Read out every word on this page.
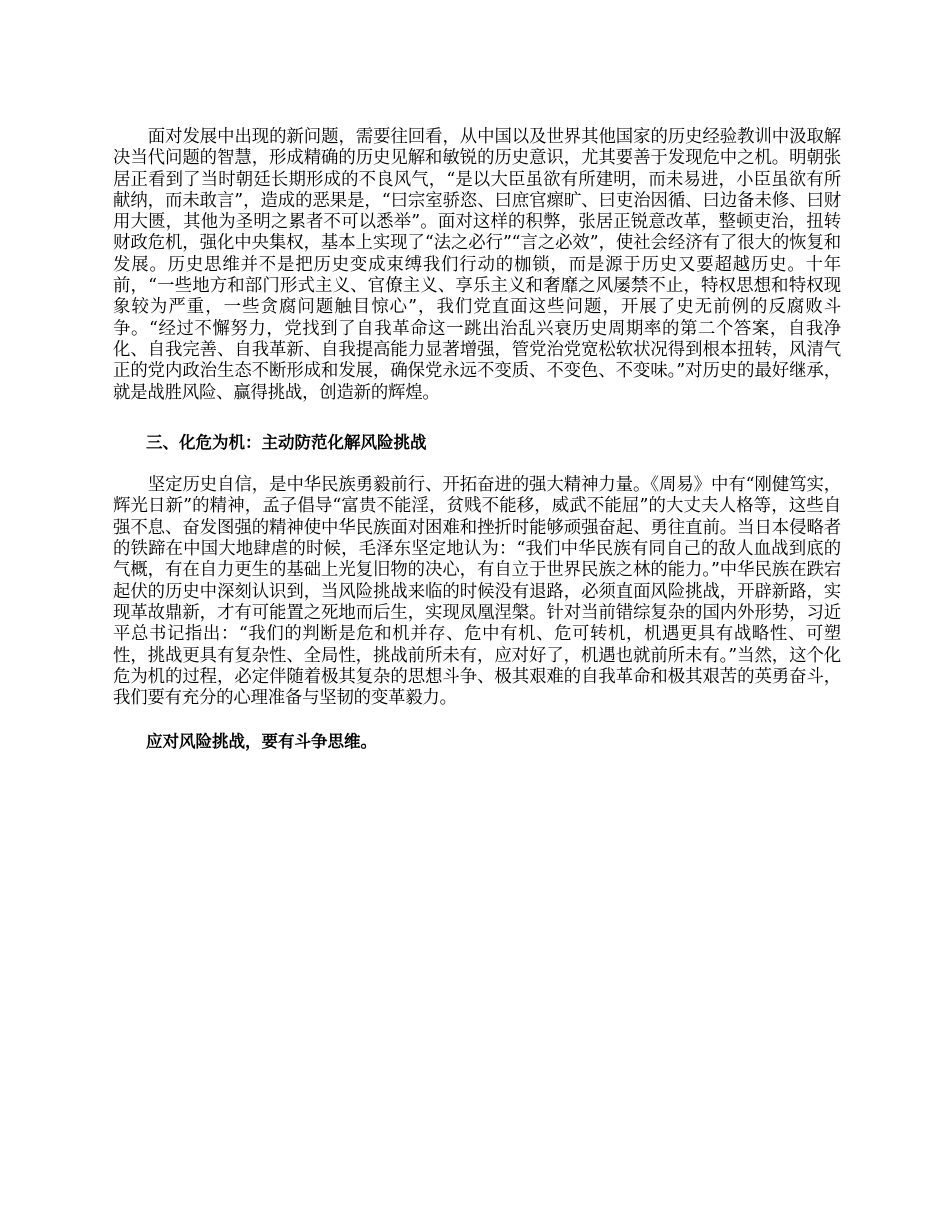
面对发展中出现的新问题，需要往回看，从中国以及世界其他国家的历史经验教训中汲取解决当代问题的智慧，形成精确的历史见解和敏锐的历史意识，尤其要善于发现危中之机。明朝张居正看到了当时朝廷长期形成的不良风气，“是以大臣虽欲有所建明，而未易进，小臣虽欲有所献纳，而未敢言”，造成的恶果是，“曰宗室骄恣、曰庶官瘝旷、曰吏治因循、曰边备未修、曰财用大匮，其他为圣明之累者不可以悉举”。面对这样的积弊，张居正锐意改革，整顿吏治，扭转财政危机，强化中央集权，基本上实现了“法之必行”“言之必效”，使社会经济有了很大的恢复和发展。历史思维并不是把历史变成束缚我们行动的枷锁，而是源于历史又要超越历史。十年前，“一些地方和部门形式主义、官僚主义、享乐主义和奢靡之风屡禁不止，特权思想和特权现象较为严重，一些贪腐问题触目惊心”，我们党直面这些问题，开展了史无前例的反腐败斗争。“经过不懈努力，党找到了自我革命这一跳出治乱兴衰历史周期率的第二个答案，自我净化、自我完善、自我革新、自我提高能力显著增强，管党治党宽松软状况得到根本扭转，风清气正的党内政治生态不断形成和发展，确保党永远不变质、不变色、不变味。”对历史的最好继承，就是战胜风险、赢得挑战，创造新的辉煌。

三、化危为机：主动防范化解风险挑战

坚定历史自信，是中华民族勇毅前行、开拓奋进的强大精神力量。《周易》中有“刚健笃实，辉光日新”的精神，孟子倡导“富贵不能淫，贫贱不能移，威武不能屈”的大丈夫人格等，这些自强不息、奋发图强的精神使中华民族面对困难和挫折时能够顽强奋起、勇往直前。当日本侵略者的铁蹄在中国大地肆虐的时候，毛泽东坚定地认为：“我们中华民族有同自己的敌人血战到底的气概，有在自力更生的基础上光复旧物的决心，有自立于世界民族之林的能力。”中华民族在跌宕起伏的历史中深刻认识到，当风险挑战来临的时候没有退路，必须直面风险挑战，开辟新路，实现革故鼎新，才有可能置之死地而后生，实现凤凰涅槃。针对当前错综复杂的国内外形势，习近平总书记指出：“我们的判断是危和机并存、危中有机、危可转机，机遇更具有战略性、可塑性，挑战更具有复杂性、全局性，挑战前所未有，应对好了，机遇也就前所未有。”当然，这个化危为机的过程，必定伴随着极其复杂的思想斗争、极其艰难的自我革命和极其艰苦的英勇奋斗，我们要有充分的心理准备与坚韧的变革毅力。

应对风险挑战，要有斗争思维。
